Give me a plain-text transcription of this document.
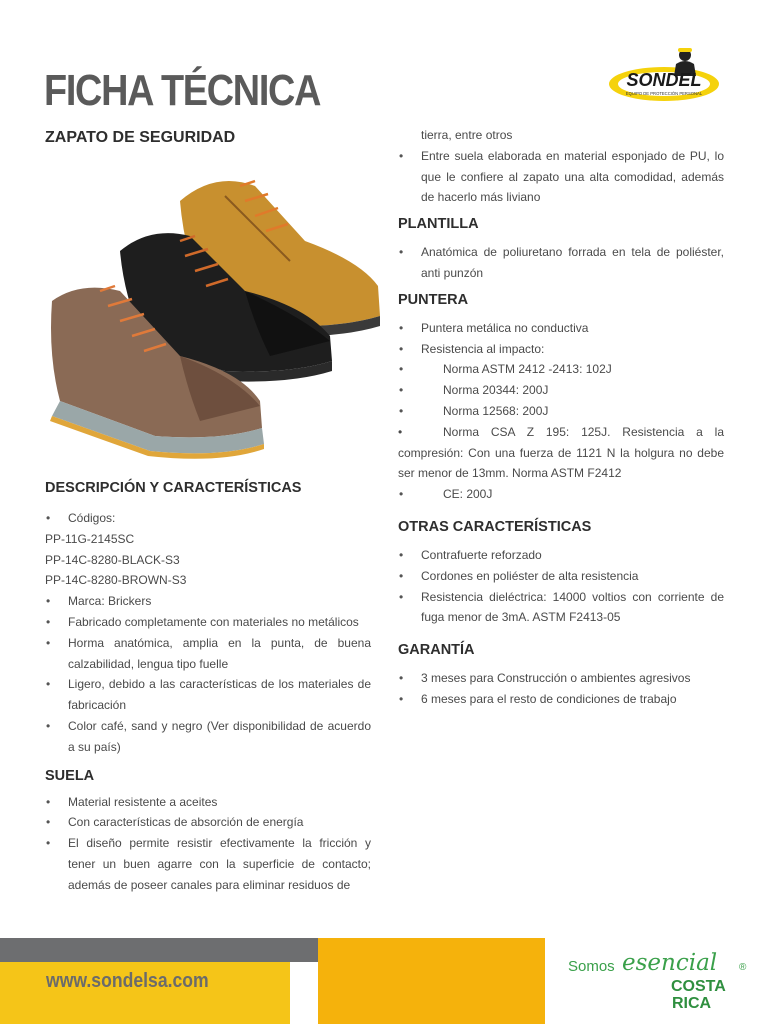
FICHA TÉCNICA	SONDEL
EQUIPO DE PROTECCIÓN PERSONAL
ZAPATO DE SEGURIDAD
DESCRIPCIÓN Y CARACTERÍSTICAS
• Códigos:
PP-11G-2145SC
PP-14C-8280-BLACK-S3
PP-14C-8280-BROWN-S3
• Marca: Brickers
• Fabricado completamente con materiales no metálicos
• Horma anatómica, amplia en la punta, de buena calzabilidad, lengua tipo fuelle
• Ligero, debido a las características de los materiales de fabricación
• Color café, sand y negro (Ver disponibilidad de acuerdo a su país)
SUELA
• Material resistente a aceites
• Con características de absorción de energía
• El diseño permite resistir efectivamente la fricción y tener un buen agarre con la superficie de contacto; además de poseer canales para eliminar residuos de
tierra, entre otros
• Entre suela elaborada en material esponjado de PU, lo que le confiere al zapato una alta comodidad, además de hacerlo más liviano
PLANTILLA
• Anatómica de poliuretano forrada en tela de poliéster, anti punzón
PUNTERA
• Puntera metálica no conductiva
• Resistencia al impacto:
• Norma ASTM 2412 -2413: 102J
• Norma 20344: 200J
• Norma 12568: 200J
•	Norma CSA Z 195: 125J. Resistencia a la compresión: Con una fuerza de 1121 N la holgura no debe ser menor de 13mm. Norma ASTM F2412
• CE: 200J
OTRAS CARACTERÍSTICAS
• Contrafuerte reforzado
• Cordones en poliéster de alta resistencia
• Resistencia dieléctrica: 14000 voltios con corriente de fuga menor de 3mA. ASTM F2413-05
GARANTÍA
• 3 meses para Construcción o ambientes agresivos
• 6 meses para el resto de condiciones de trabajo
www.sondelsa.com
Somos esencial ®
COSTA
RICA
